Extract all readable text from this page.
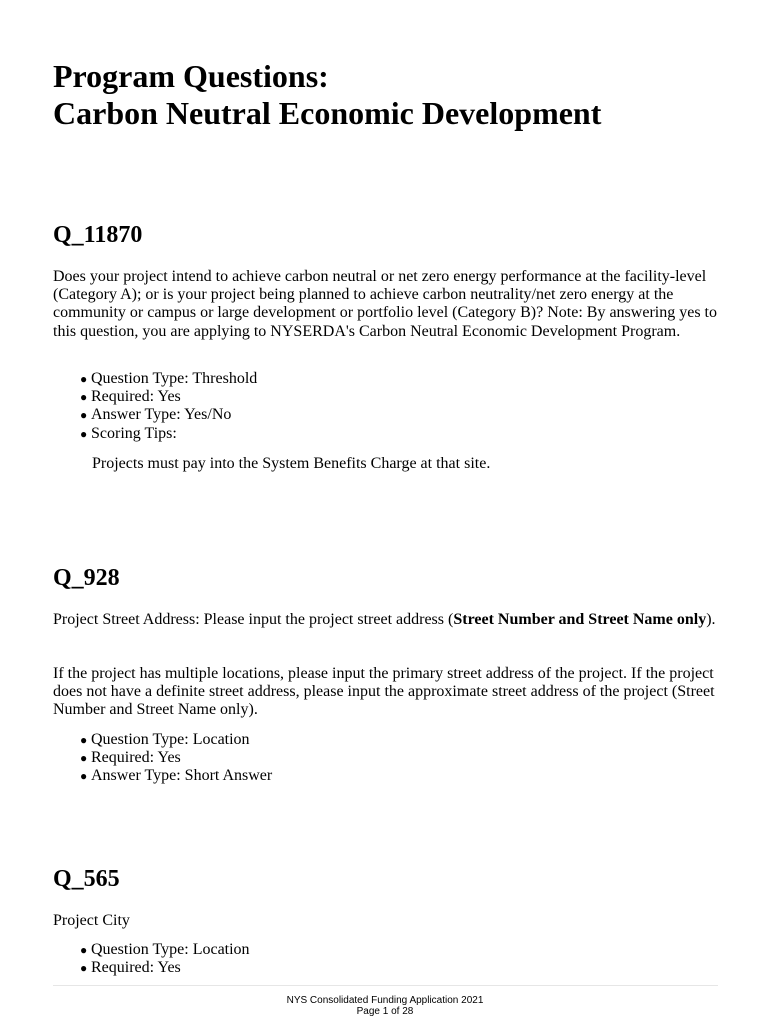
Program Questions:
Carbon Neutral Economic Development
Q_11870

Does your project intend to achieve carbon neutral or net zero energy performance at the facility-level (Category A); or is your project being planned to achieve carbon neutrality/net zero energy at the community or campus or large development or portfolio level (Category B)? Note: By answering yes to this question, you are applying to NYSERDA's Carbon Neutral Economic Development Program.

● Question Type: Threshold
● Required: Yes
● Answer Type: Yes/No
● Scoring Tips:

Projects must pay into the System Benefits Charge at that site.

Q_928

Project Street Address: Please input the project street address (Street Number and Street Name only).

If the project has multiple locations, please input the primary street address of the project. If the project does not have a definite street address, please input the approximate street address of the project (Street Number and Street Name only).

● Question Type: Location
● Required: Yes
● Answer Type: Short Answer
Q_565

Project City

● Question Type: Location
● Required: Yes
NYS Consolidated Funding Application 2021
Page 1 of 28
